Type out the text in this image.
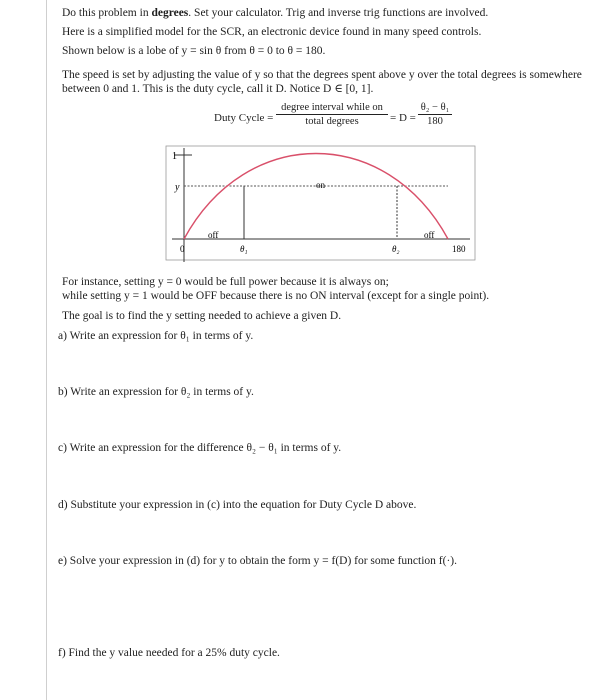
Do this problem in degrees. Set your calculator. Trig and inverse trig functions are involved.
Here is a simplified model for the SCR, an electronic device found in many speed controls.
Shown below is a lobe of y = sin θ from θ = 0 to θ = 180.
The speed is set by adjusting the value of y so that the degrees spent above y over the total degrees is somewhere between 0 and 1. This is the duty cycle, call it D. Notice D ∈ [0, 1].
Duty Cycle =
degree interval while on
total degrees	= $D = \frac{\text{θ₂ − θ₁}}{180}$
1
y	on
off	off
0	θ₁	θ₂	180
For instance, setting y = 0 would be full power because it is always on;
while setting y = 1 would be OFF because there is no ON interval (except for a single point).
The goal is to find the y setting needed to achieve a given D.
a) Write an expression for θ₁ in terms of y.
b) Write an expression for θ₂ in terms of y.
c) Write an expression for the difference θ₂ − θ₁ in terms of y.
d) Substitute your expression in (c) into the equation for Duty Cycle D above.
e) Solve your expression in (d) for y to obtain the form y = f(D) for some function f(·).
f) Find the y value needed for a 25% duty cycle.
